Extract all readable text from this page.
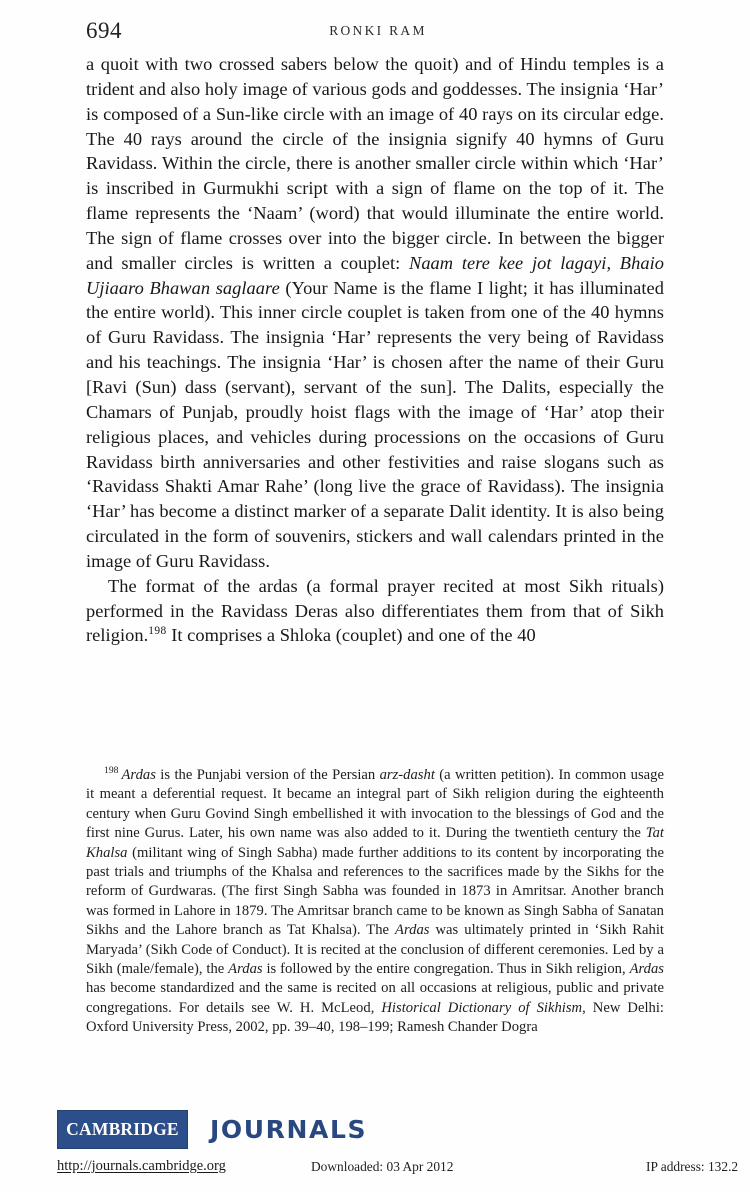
694	RONKI RAM

a quoit with two crossed sabers below the quoit) and of Hindu temples is a trident and also holy image of various gods and goddesses. The insignia ‘Har’ is composed of a Sun-like circle with an image of 40 rays on its circular edge. The 40 rays around the circle of the insignia signify 40 hymns of Guru Ravidass. Within the circle, there is another smaller circle within which ‘Har’ is inscribed in Gurmukhi script with a sign of flame on the top of it. The flame represents the ‘Naam’ (word) that would illuminate the entire world. The sign of flame crosses over into the bigger circle. In between the bigger and smaller circles is written a couplet: Naam tere kee jot lagayi, Bhaio Ujiaaro Bhawan saglaare (Your Name is the flame I light; it has illuminated the entire world). This inner circle couplet is taken from one of the 40 hymns of Guru Ravidass. The insignia ‘Har’ represents the very being of Ravidass and his teachings. The insignia ‘Har’ is chosen after the name of their Guru [Ravi (Sun) dass (servant), servant of the sun]. The Dalits, especially the Chamars of Punjab, proudly hoist flags with the image of ‘Har’ atop their religious places, and vehicles during processions on the occasions of Guru Ravidass birth anniversaries and other festivities and raise slogans such as ‘Ravidass Shakti Amar Rahe’ (long live the grace of Ravidass). The insignia ‘Har’ has become a distinct marker of a separate Dalit identity. It is also being circulated in the form of souvenirs, stickers and wall calendars printed in the image of Guru Ravidass.

The format of the ardas (a formal prayer recited at most Sikh rituals) performed in the Ravidass Deras also differentiates them from that of Sikh religion.$^{198}$ It comprises a Shloka (couplet) and one of the 40

$^{198}$ Ardas is the Punjabi version of the Persian arz-dasht (a written petition). In common usage it meant a deferential request. It became an integral part of Sikh religion during the eighteenth century when Guru Govind Singh embellished it with invocation to the blessings of God and the first nine Gurus. Later, his own name was also added to it. During the twentieth century the Tat Khalsa (militant wing of Singh Sabha) made further additions to its content by incorporating the past trials and triumphs of the Khalsa and references to the sacrifices made by the Sikhs for the reform of Gurdwaras. (The first Singh Sabha was founded in 1873 in Amritsar. Another branch was formed in Lahore in 1879. The Amritsar branch came to be known as Singh Sabha of Sanatan Sikhs and the Lahore branch as Tat Khalsa). The Ardas was ultimately printed in ‘Sikh Rahit Maryada’ (Sikh Code of Conduct). It is recited at the conclusion of different ceremonies. Led by a Sikh (male/female), the Ardas is followed by the entire congregation. Thus in Sikh religion, Ardas has become standardized and the same is recited on all occasions at religious, public and private congregations. For details see W. H. McLeod, Historical Dictionary of Sikhism, New Delhi: Oxford University Press, 2002, pp. 39–40, 198–199; Ramesh Chander Dogra

CAMBRIDGE JOURNALS
http://journals.cambridge.org	Downloaded: 03 Apr 2012	IP address: 132.2
